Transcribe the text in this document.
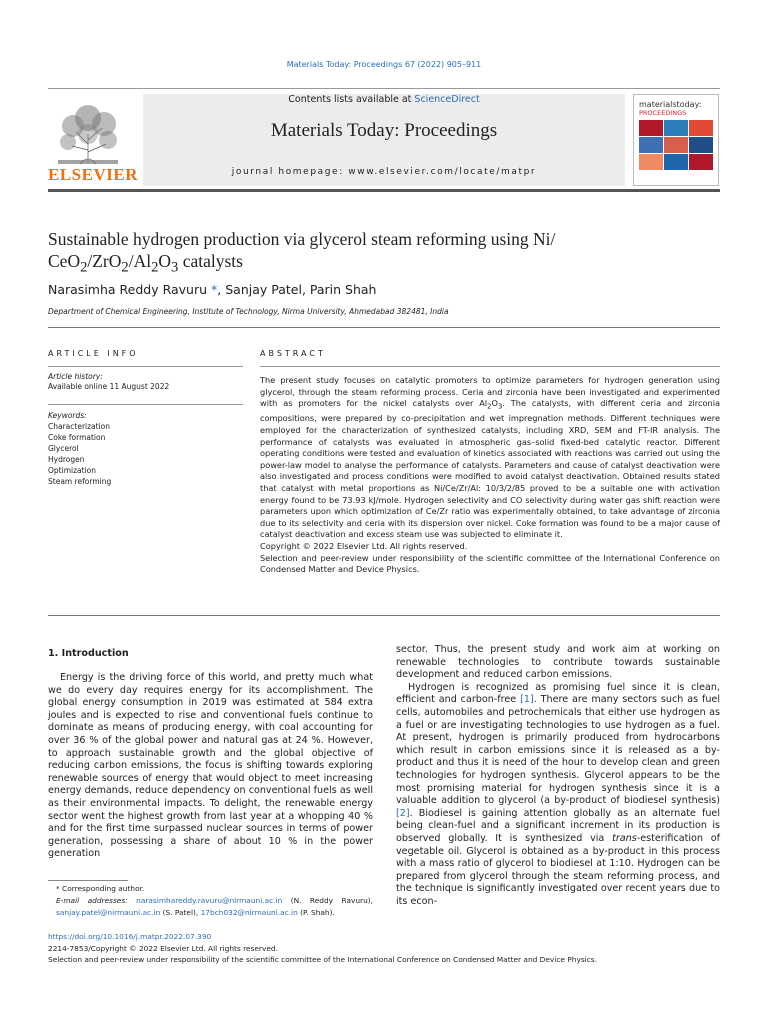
Materials Today: Proceedings 67 (2022) 905–911
ELSEVIER
Contents lists available at ScienceDirect
Materials Today: Proceedings
journal homepage: www.elsevier.com/locate/matpr
materialstoday:
PROCEEDINGS
Sustainable hydrogen production via glycerol steam reforming using Ni/
$CeO_2/ZrO_2/Al_2O_3$ catalysts
Narasimha Reddy Ravuru *, Sanjay Patel, Parin Shah
Department of Chemical Engineering, Institute of Technology, Nirma University, Ahmedabad 382481, India
ARTICLE INFO	ABSTRACT
Article history:
Available online 11 August 2022
Keywords:
Characterization
Coke formation
Glycerol
Hydrogen
Optimization
Steam reforming

The present study focuses on catalytic promoters to optimize parameters for hydrogen generation using glycerol, through the steam reforming process. Ceria and zirconia have been investigated and experimented with as promoters for the nickel catalysts over $Al_2O_3$. The catalysts, with different ceria and zirconia compositions, were prepared by co-precipitation and wet impregnation methods. Different techniques were employed for the characterization of synthesized catalysts, including XRD, SEM and FT-IR analysis. The performance of catalysts was evaluated in atmospheric gas–solid fixed-bed catalytic reactor. Different operating conditions were tested and evaluation of kinetics associated with reactions was carried out using the power-law model to analyse the performance of catalysts. Parameters and cause of catalyst deactivation were also investigated and process conditions were modified to avoid catalyst deactivation. Obtained results stated that catalyst with metal proportions as Ni/Ce/Zr/Al: 10/3/2/85 proved to be a suitable one with activation energy found to be 73.93 kJ/mole. Hydrogen selectivity and CO selectivity during water gas shift reaction were parameters upon which optimization of Ce/Zr ratio was experimentally obtained, to take advantage of zirconia due to its selectivity and ceria with its dispersion over nickel. Coke formation was found to be a major cause of catalyst deactivation and excess steam use was subjected to eliminate it.

Copyright © 2022 Elsevier Ltd. All rights reserved.

Selection and peer-review under responsibility of the scientific committee of the International Conference on Condensed Matter and Device Physics.

1. Introduction

Energy is the driving force of this world, and pretty much what we do every day requires energy for its accomplishment. The global energy consumption in 2019 was estimated at 584 extra joules and is expected to rise and conventional fuels continue to dominate as means of producing energy, with coal accounting for over 36 % of the global power and natural gas at 24 %. However, to approach sustainable growth and the global objective of reducing carbon emissions, the focus is shifting towards exploring renewable sources of energy that would object to meet increasing energy demands, reduce dependency on conventional fuels as well as their environmental impacts. To delight, the renewable energy sector went the highest growth from last year at a whopping 40 % and for the first time surpassed nuclear sources in terms of power generation, possessing a share of about 10 % in the power generation

sector. Thus, the present study and work aim at working on renewable technologies to contribute towards sustainable development and reduced carbon emissions.

Hydrogen is recognized as promising fuel since it is clean, efficient and carbon-free [1]. There are many sectors such as fuel cells, automobiles and petrochemicals that either use hydrogen as a fuel or are investigating technologies to use hydrogen as a fuel. At present, hydrogen is primarily produced from hydrocarbons which result in carbon emissions since it is released as a by-product and thus it is need of the hour to develop clean and green technologies for hydrogen synthesis. Glycerol appears to be the most promising material for hydrogen synthesis since it is a valuable addition to glycerol (a by-product of biodiesel synthesis) [2]. Biodiesel is gaining attention globally as an alternate fuel being clean-fuel and a significant increment in its production is observed globally. It is synthesized via trans-esterification of vegetable oil. Glycerol is obtained as a by-product in this process with a mass ratio of glycerol to biodiesel at 1:10. Hydrogen can be prepared from glycerol through the steam reforming process, and the technique is significantly investigated over recent years due to its econ-

* Corresponding author.
E-mail addresses: narasimhareddy.ravuru@nirmauni.ac.in (N. Reddy Ravuru), sanjay.patel@nirmauni.ac.in (S. Patel), 17bch032@nirmauni.ac.in (P. Shah).
https://doi.org/10.1016/j.matpr.2022.07.390
2214-7853/Copyright © 2022 Elsevier Ltd. All rights reserved.
Selection and peer-review under responsibility of the scientific committee of the International Conference on Condensed Matter and Device Physics.
